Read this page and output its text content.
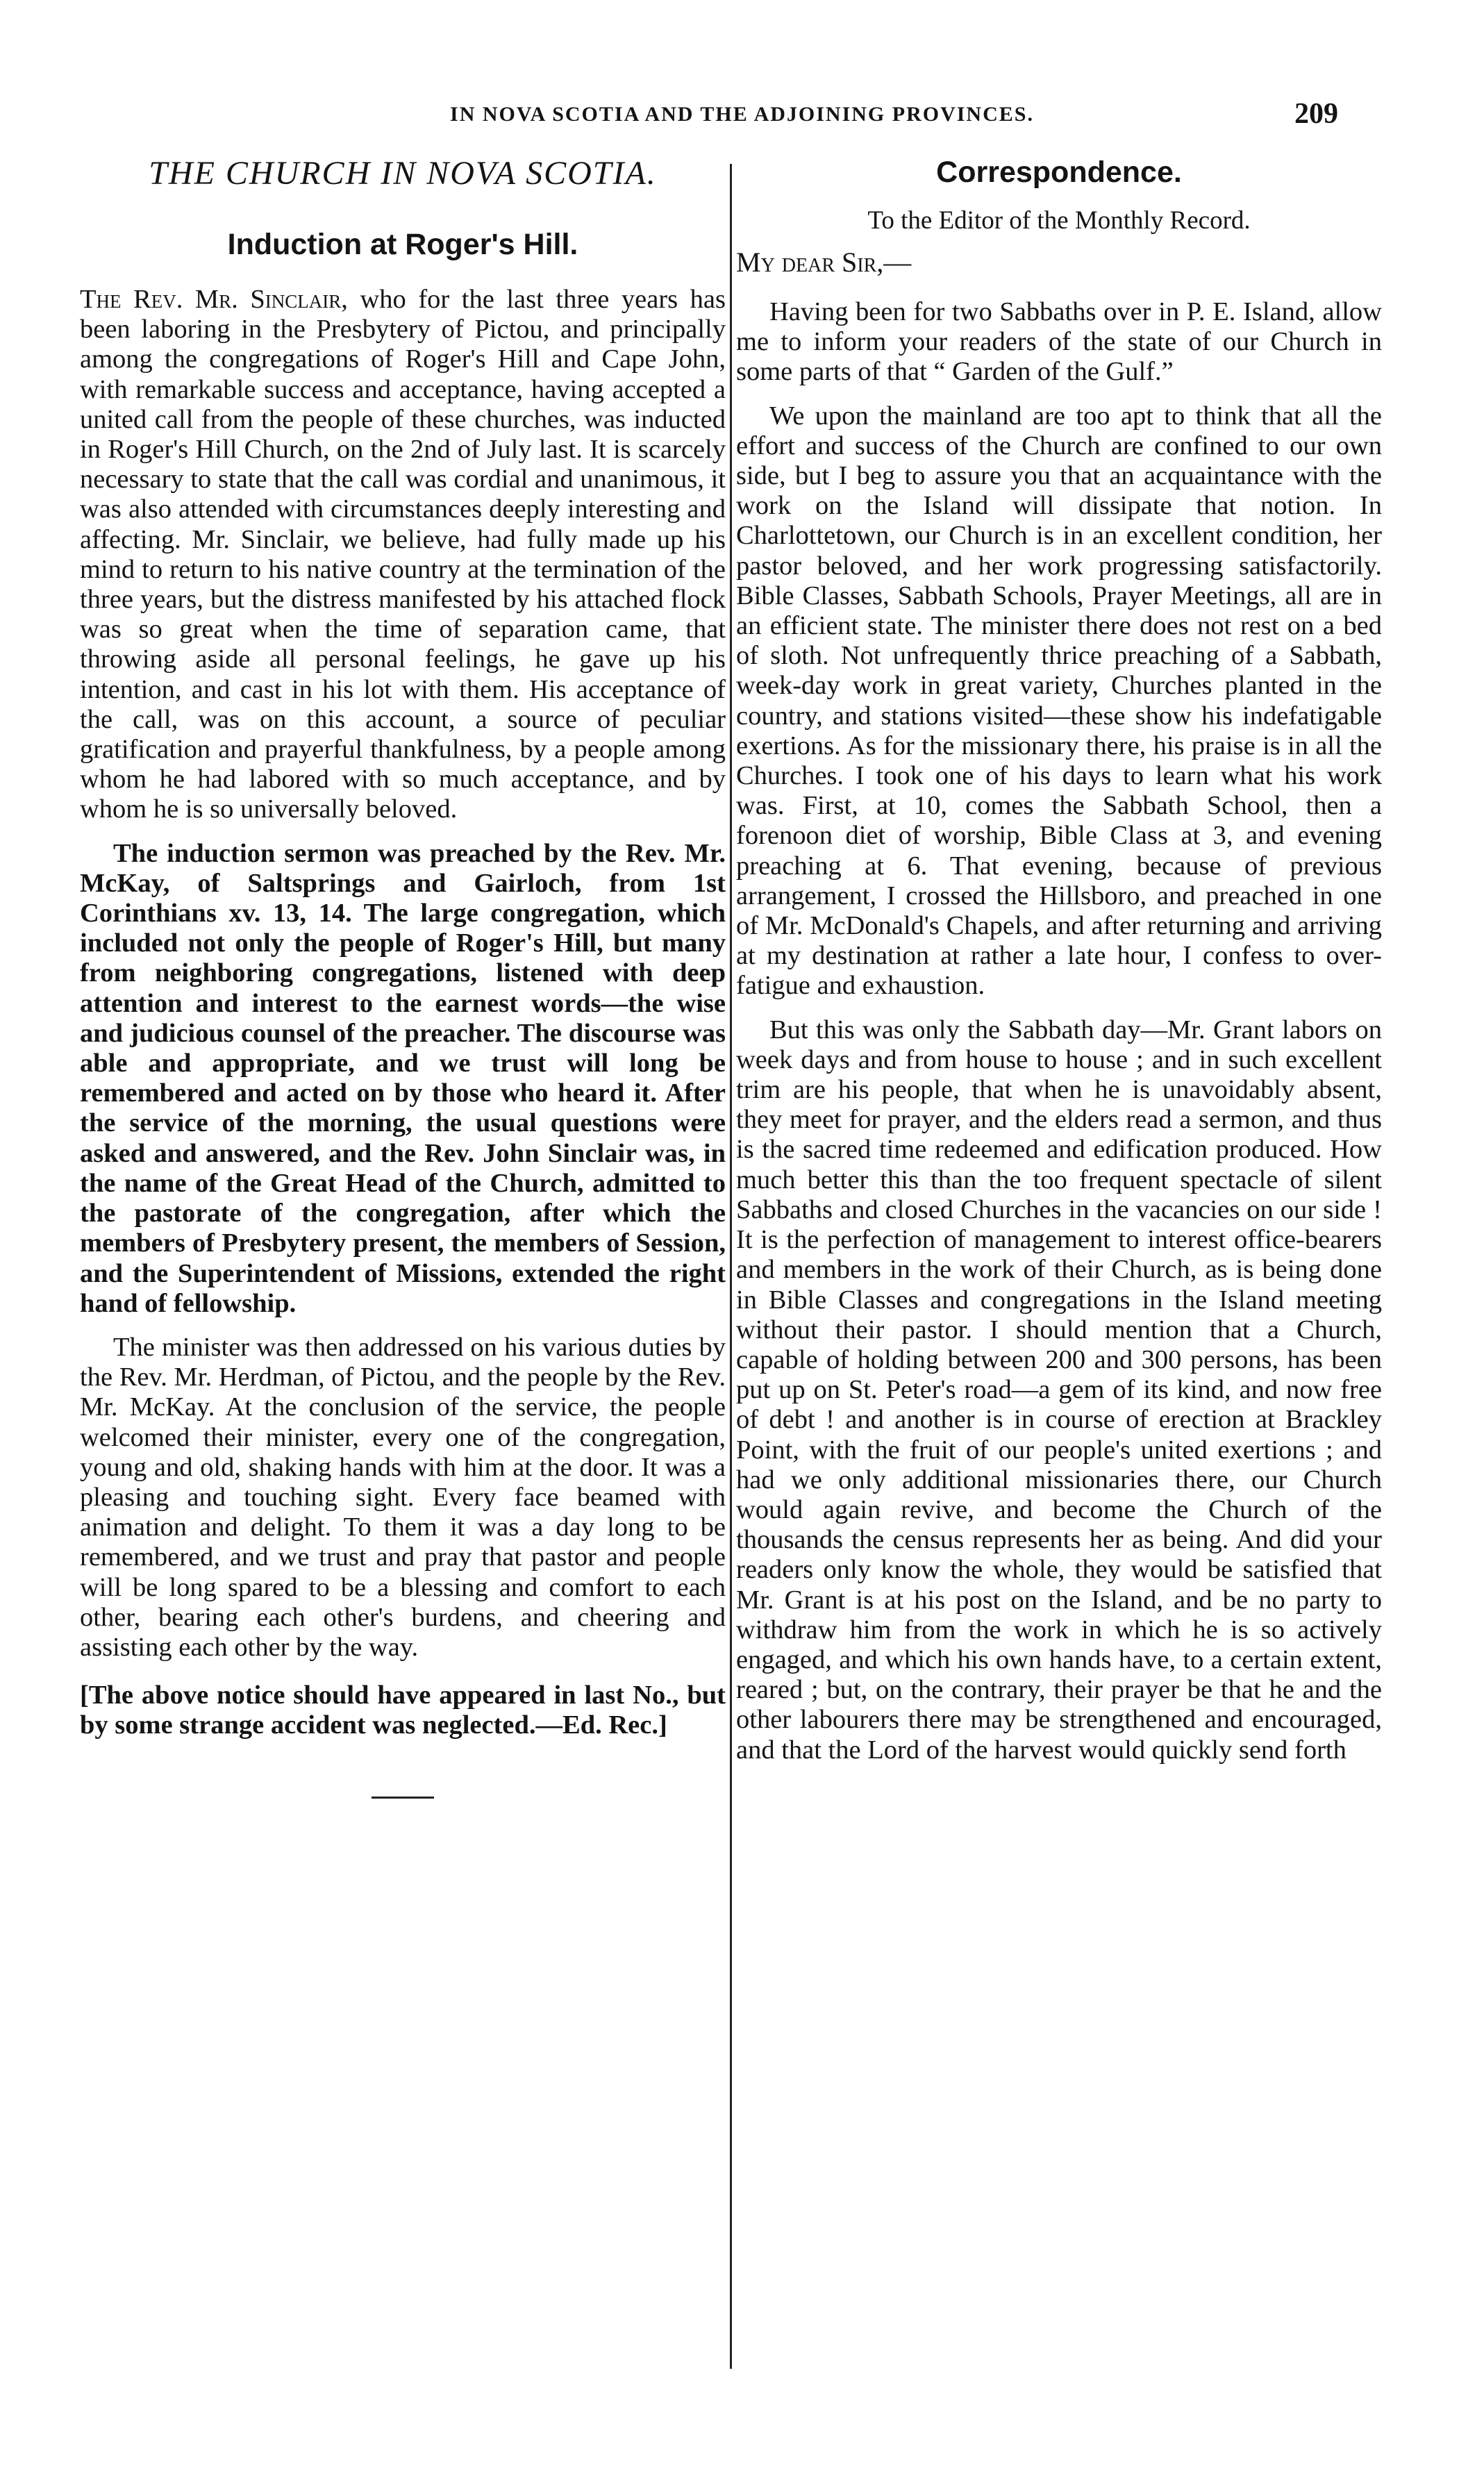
IN NOVA SCOTIA AND THE ADJOINING PROVINCES.	209
THE CHURCH IN NOVA SCOTIA.
Induction at Roger's Hill.

The Rev. Mr. Sinclair, who for the last three years has been laboring in the Presbytery of Pictou, and principally among the congregations of Roger's Hill and Cape John, with remarkable success and acceptance, having accepted a united call from the people of these churches, was inducted in Roger's Hill Church, on the 2nd of July last. It is scarcely necessary to state that the call was cordial and unanimous, it was also attended with circumstances deeply interesting and affecting. Mr. Sinclair, we believe, had fully made up his mind to return to his native country at the termination of the three years, but the distress manifested by his attached flock was so great when the time of separation came, that throwing aside all personal feelings, he gave up his intention, and cast in his lot with them. His acceptance of the call, was on this account, a source of peculiar gratification and prayerful thankfulness, by a people among whom he had labored with so much acceptance, and by whom he is so universally beloved.

The induction sermon was preached by the Rev. Mr. McKay, of Saltsprings and Gairloch, from 1st Corinthians xv. 13, 14. The large congregation, which included not only the people of Roger's Hill, but many from neighboring congregations, listened with deep attention and interest to the earnest words—the wise and judicious counsel of the preacher. The discourse was able and appropriate, and we trust will long be remembered and acted on by those who heard it. After the service of the morning, the usual questions were asked and answered, and the Rev. John Sinclair was, in the name of the Great Head of the Church, admitted to the pastorate of the congregation, after which the members of Presbytery present, the members of Session, and the Superintendent of Missions, extended the right hand of fellowship.

The minister was then addressed on his various duties by the Rev. Mr. Herdman, of Pictou, and the people by the Rev. Mr. McKay. At the conclusion of the service, the people welcomed their minister, every one of the congregation, young and old, shaking hands with him at the door. It was a pleasing and touching sight. Every face beamed with animation and delight. To them it was a day long to be remembered, and we trust and pray that pastor and people will be long spared to be a blessing and comfort to each other, bearing each other's burdens, and cheering and assisting each other by the way.

[The above notice should have appeared in last No., but by some strange accident was neglected.—Ed. Rec.]

Correspondence.
To the Editor of the Monthly Record.
My dear Sir,—

Having been for two Sabbaths over in P. E. Island, allow me to inform your readers of the state of our Church in some parts of that “ Garden of the Gulf.”

We upon the mainland are too apt to think that all the effort and success of the Church are confined to our own side, but I beg to assure you that an acquaintance with the work on the Island will dissipate that notion. In Charlottetown, our Church is in an excellent condition, her pastor beloved, and her work progressing satisfactorily. Bible Classes, Sabbath Schools, Prayer Meetings, all are in an efficient state. The minister there does not rest on a bed of sloth. Not unfrequently thrice preaching of a Sabbath, week-day work in great variety, Churches planted in the country, and stations visited—these show his indefatigable exertions. As for the missionary there, his praise is in all the Churches. I took one of his days to learn what his work was. First, at 10, comes the Sabbath School, then a forenoon diet of worship, Bible Class at 3, and evening preaching at 6. That evening, because of previous arrangement, I crossed the Hillsboro, and preached in one of Mr. McDonald's Chapels, and after returning and arriving at my destination at rather a late hour, I confess to over-fatigue and exhaustion.

But this was only the Sabbath day—Mr. Grant labors on week days and from house to house ; and in such excellent trim are his people, that when he is unavoidably absent, they meet for prayer, and the elders read a sermon, and thus is the sacred time redeemed and edification produced. How much better this than the too frequent spectacle of silent Sabbaths and closed Churches in the vacancies on our side ! It is the perfection of management to interest office-bearers and members in the work of their Church, as is being done in Bible Classes and congregations in the Island meeting without their pastor. I should mention that a Church, capable of holding between 200 and 300 persons, has been put up on St. Peter's road—a gem of its kind, and now free of debt ! and another is in course of erection at Brackley Point, with the fruit of our people's united exertions ; and had we only additional missionaries there, our Church would again revive, and become the Church of the thousands the census represents her as being. And did your readers only know the whole, they would be satisfied that Mr. Grant is at his post on the Island, and be no party to withdraw him from the work in which he is so actively engaged, and which his own hands have, to a certain extent, reared ; but, on the contrary, their prayer be that he and the other labourers there may be strengthened and encouraged, and that the Lord of the harvest would quickly send forth
